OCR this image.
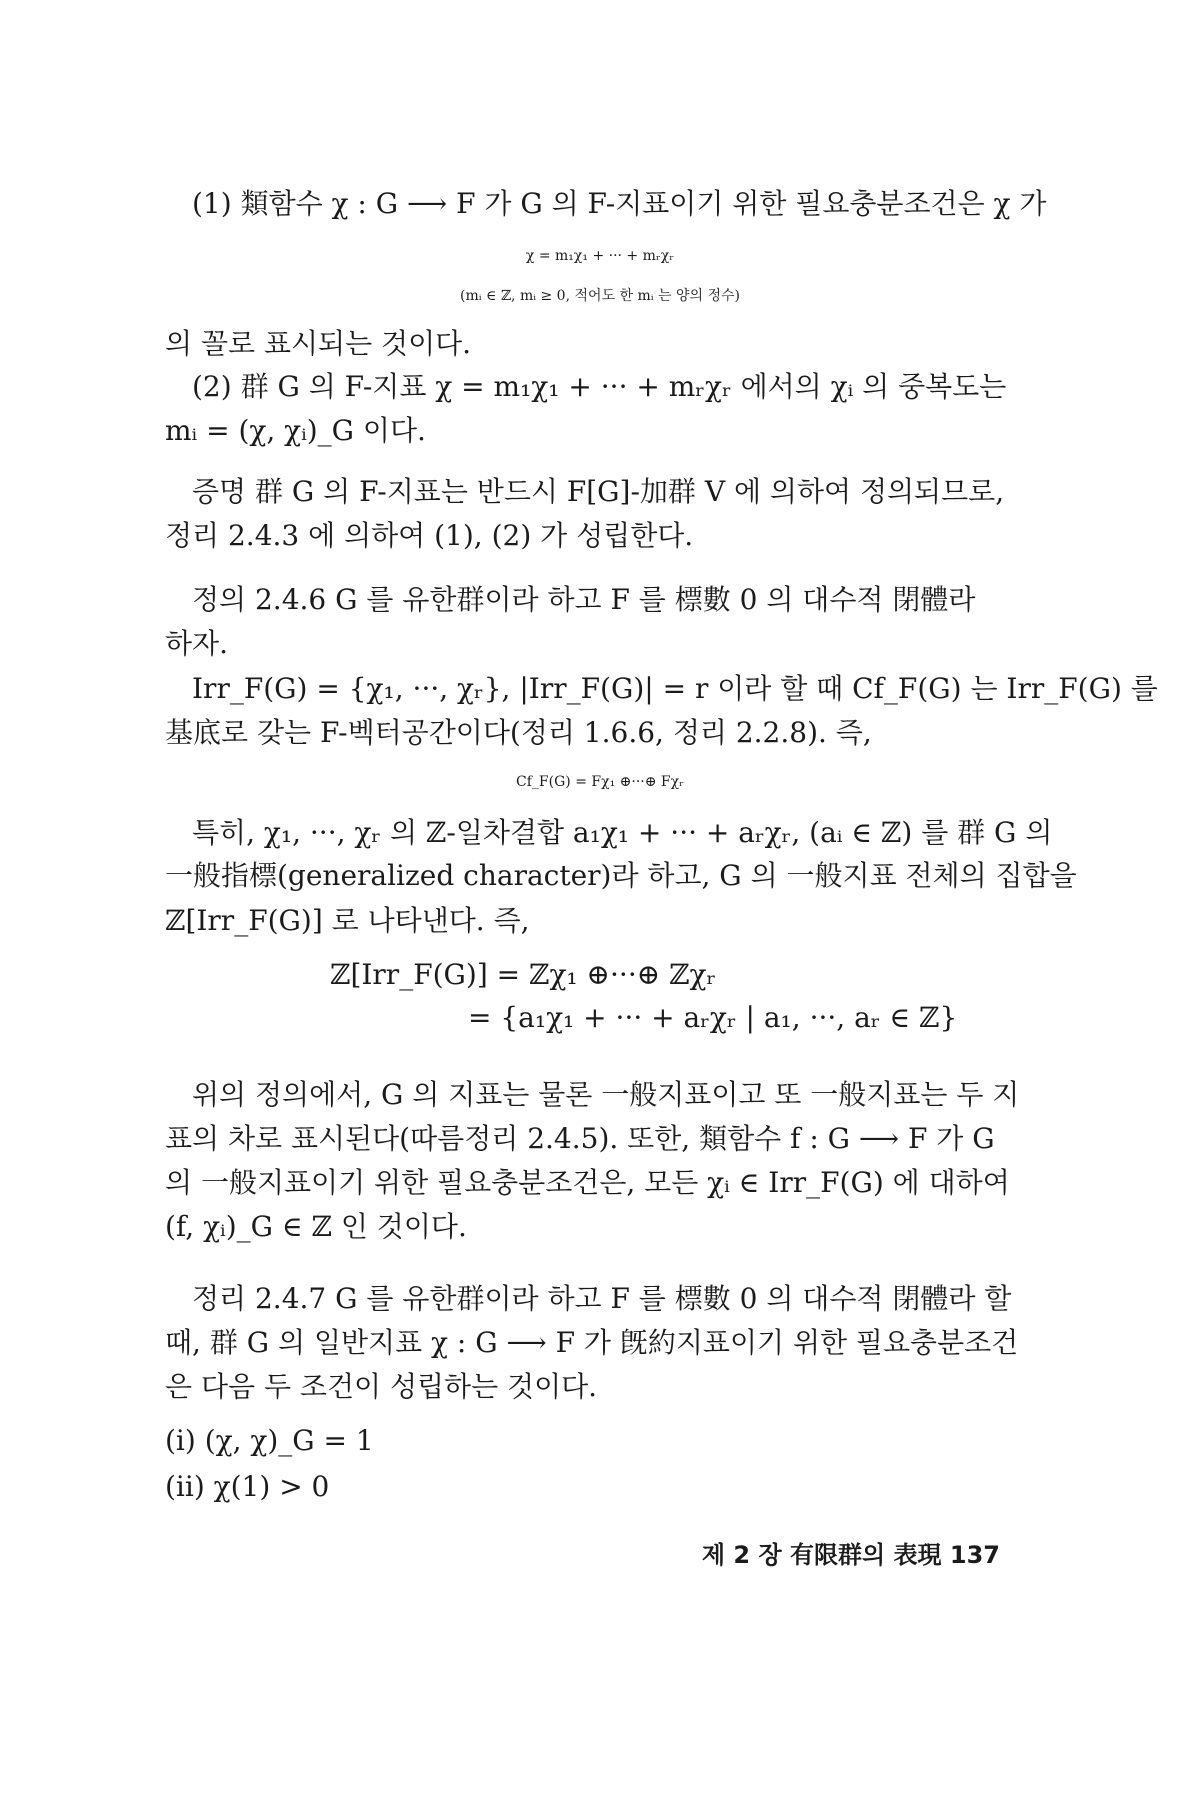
(1) 類함수 χ : G ⟶ F 가 G 의 F-지표이기 위한 필요충분조건은 χ 가
χ = m₁χ₁ + ··· + mᵣχᵣ
(mᵢ ∈ ℤ, mᵢ ≥ 0, 적어도 한 mᵢ 는 양의 정수)
의 꼴로 표시되는 것이다.
(2) 群 G 의 F-지표 χ = m₁χ₁ + ··· + mᵣχᵣ 에서의 χᵢ 의 중복도는
mᵢ = (χ, χᵢ)_G 이다.
증명 群 G 의 F-지표는 반드시 F[G]-加群 V 에 의하여 정의되므로,
정리 2.4.3 에 의하여 (1), (2) 가 성립한다.
정의 2.4.6 G 를 유한群이라 하고 F 를 標數 0 의 대수적 閉體라
하자.
Irr_F(G) = {χ₁, ···, χᵣ}, |Irr_F(G)| = r 이라 할 때 Cf_F(G) 는 Irr_F(G) 를
基底로 갖는 F-벡터공간이다(정리 1.6.6, 정리 2.2.8). 즉,
Cf_F(G) = Fχ₁ ⊕···⊕ Fχᵣ
특히, χ₁, ···, χᵣ 의 ℤ-일차결합 a₁χ₁ + ··· + aᵣχᵣ, (aᵢ ∈ ℤ) 를 群 G 의
一般指標(generalized character)라 하고, G 의 一般지표 전체의 집합을
ℤ[Irr_F(G)] 로 나타낸다. 즉,
ℤ[Irr_F(G)] = ℤχ₁ ⊕···⊕ ℤχᵣ
= {a₁χ₁ + ··· + aᵣχᵣ | a₁, ···, aᵣ ∈ ℤ}
위의 정의에서, G 의 지표는 물론 一般지표이고 또 一般지표는 두 지
표의 차로 표시된다(따름정리 2.4.5). 또한, 類함수 f : G ⟶ F 가 G
의 一般지표이기 위한 필요충분조건은, 모든 χᵢ ∈ Irr_F(G) 에 대하여
(f, χᵢ)_G ∈ ℤ 인 것이다.
정리 2.4.7 G 를 유한群이라 하고 F 를 標數 0 의 대수적 閉體라 할
때, 群 G 의 일반지표 χ : G ⟶ F 가 旣約지표이기 위한 필요충분조건
은 다음 두 조건이 성립하는 것이다.
(i) (χ, χ)_G = 1
(ii) χ(1) > 0
제 2 장 有限群의 表現 137
